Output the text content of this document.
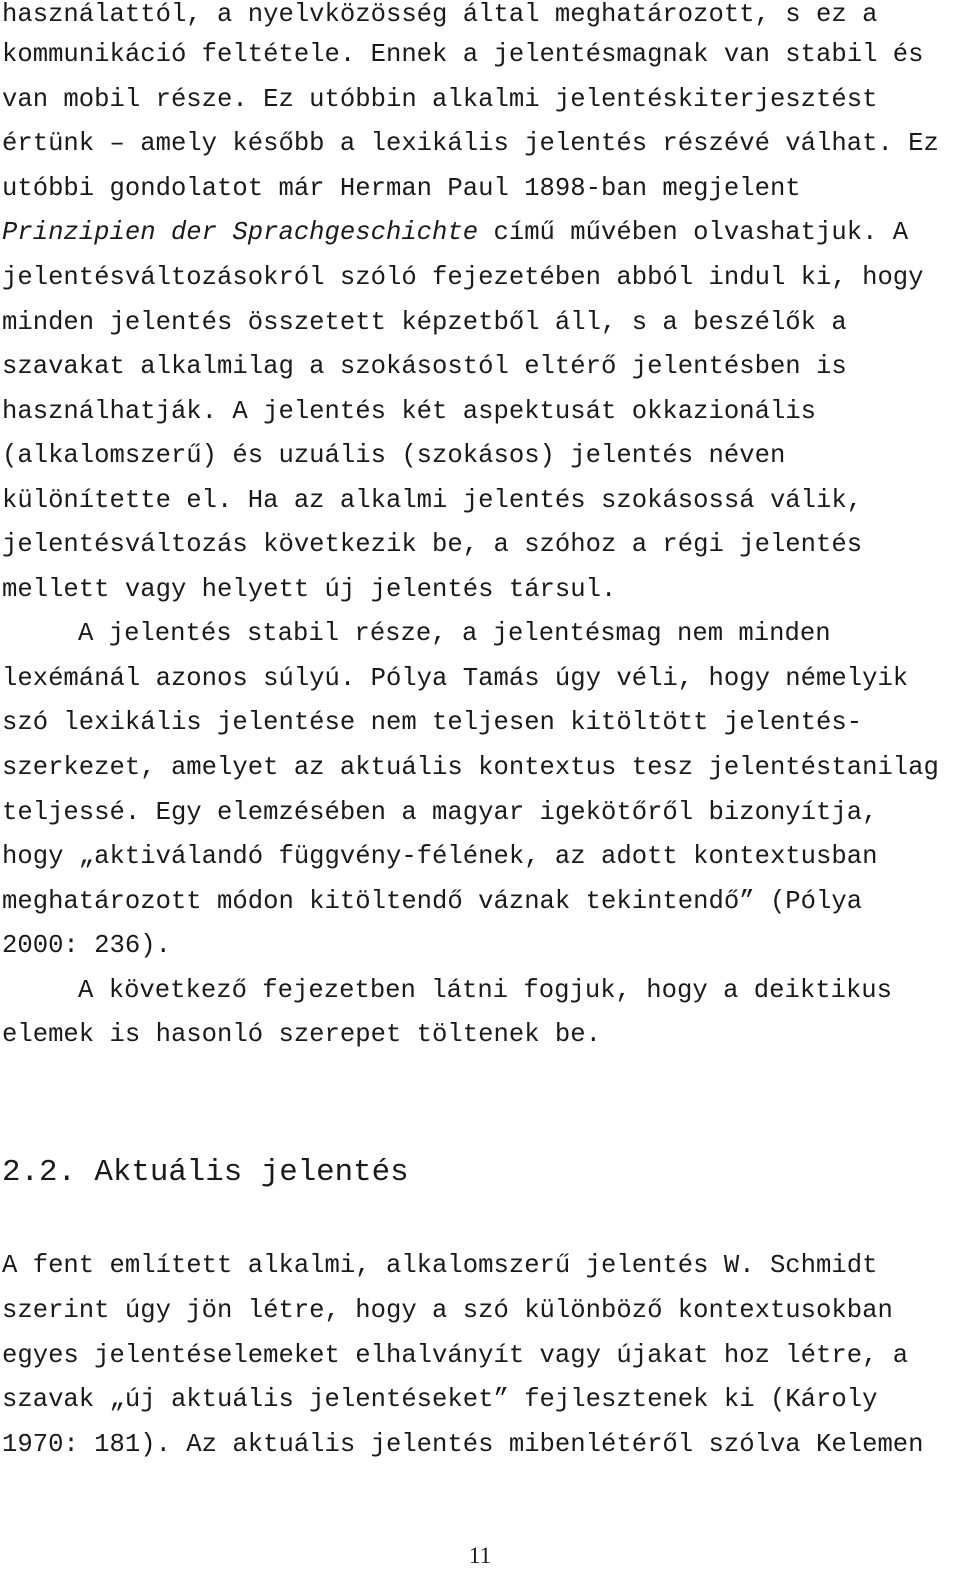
használattól, a nyelvközösség által meghatározott, s ez a
kommunikáció feltétele. Ennek a jelentésmagnak van stabil és
van mobil része. Ez utóbbin alkalmi jelentéskiterjesztést
értünk – amely később a lexikális jelentés részévé válhat. Ez
utóbbi gondolatot már Herman Paul 1898-ban megjelent
Prinzipien der Sprachgeschichte című művében olvashatjuk. A
jelentésváltozásokról szóló fejezetében abból indul ki, hogy
minden jelentés összetett képzetből áll, s a beszélők a
szavakat alkalmilag a szokásostól eltérő jelentésben is
használhatják. A jelentés két aspektusát okkazionális
(alkalomszerű) és uzuális (szokásos) jelentés néven
különítette el. Ha az alkalmi jelentés szokásossá válik,
jelentésváltozás következik be, a szóhoz a régi jelentés
mellett vagy helyett új jelentés társul.
A jelentés stabil része, a jelentésmag nem minden
lexémánál azonos súlyú. Pólya Tamás úgy véli, hogy némelyik
szó lexikális jelentése nem teljesen kitöltött jelentés-
szerkezet, amelyet az aktuális kontextus tesz jelentéstanilag
teljessé. Egy elemzésében a magyar igekötőről bizonyítja,
hogy „aktiválandó függvény-félének, az adott kontextusban
meghatározott módon kitöltendő váznak tekintendő” (Pólya
2000: 236).
A következő fejezetben látni fogjuk, hogy a deiktikus
elemek is hasonló szerepet töltenek be.
2.2. Aktuális jelentés
A fent említett alkalmi, alkalomszerű jelentés W. Schmidt
szerint úgy jön létre, hogy a szó különböző kontextusokban
egyes jelentéselemeket elhalványít vagy újakat hoz létre, a
szavak „új aktuális jelentéseket” fejlesztenek ki (Károly
1970: 181). Az aktuális jelentés mibenlétéről szólva Kelemen
11
